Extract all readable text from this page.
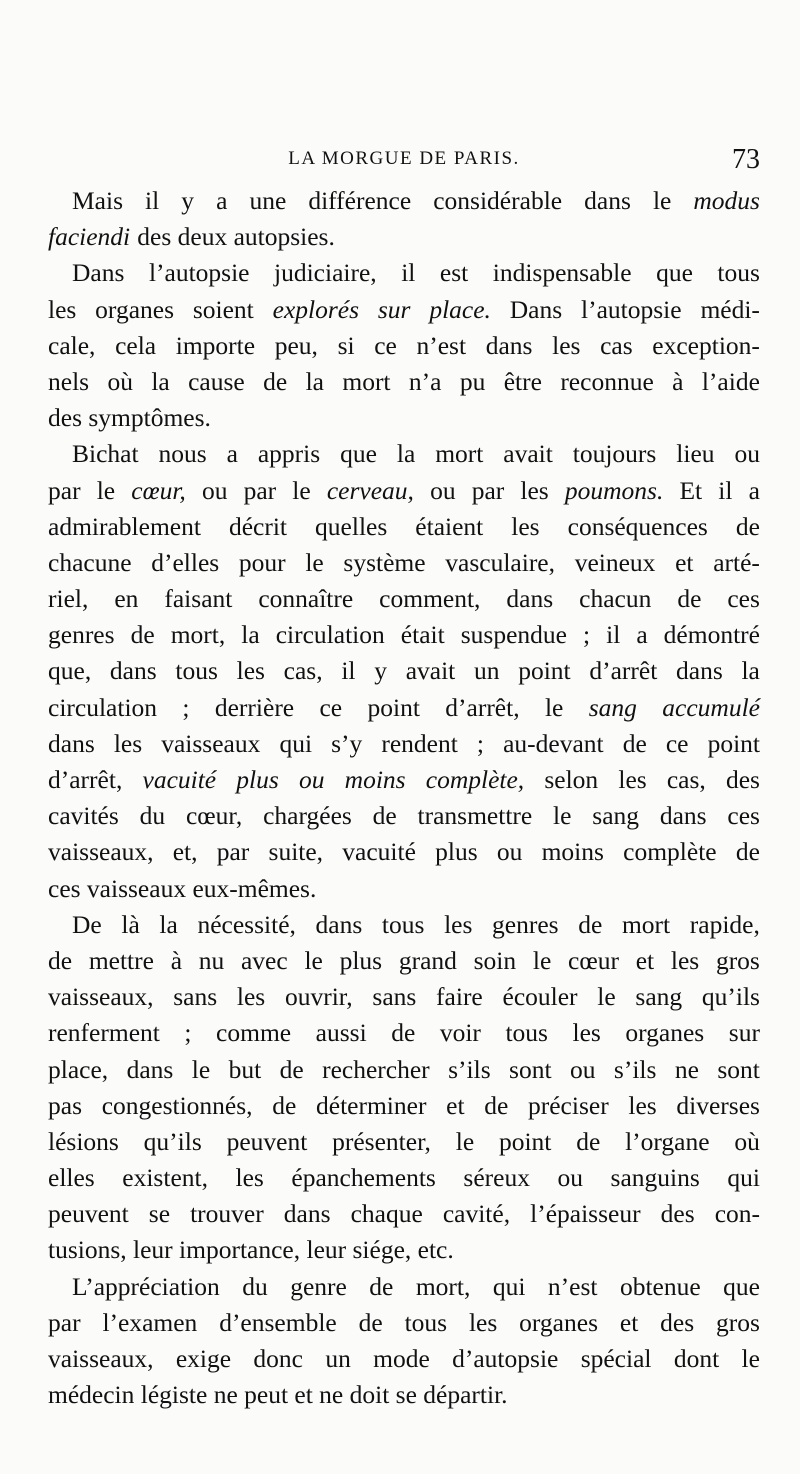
LA MORGUE DE PARIS.	73
Mais il y a une différence considérable dans le modus
faciendi des deux autopsies.
Dans l’autopsie judiciaire, il est indispensable que tous
les organes soient explorés sur place. Dans l’autopsie médi-
cale, cela importe peu, si ce n’est dans les cas exception-
nels où la cause de la mort n’a pu être reconnue à l’aide
des symptômes.
Bichat nous a appris que la mort avait toujours lieu ou
par le cœur, ou par le cerveau, ou par les poumons. Et il a
admirablement décrit quelles étaient les conséquences de
chacune d’elles pour le système vasculaire, veineux et arté-
riel, en faisant connaître comment, dans chacun de ces
genres de mort, la circulation était suspendue ; il a démontré
que, dans tous les cas, il y avait un point d’arrêt dans la
circulation ; derrière ce point d’arrêt, le sang accumulé
dans les vaisseaux qui s’y rendent ; au-devant de ce point
d’arrêt, vacuité plus ou moins complète, selon les cas, des
cavités du cœur, chargées de transmettre le sang dans ces
vaisseaux, et, par suite, vacuité plus ou moins complète de
ces vaisseaux eux-mêmes.
De là la nécessité, dans tous les genres de mort rapide,
de mettre à nu avec le plus grand soin le cœur et les gros
vaisseaux, sans les ouvrir, sans faire écouler le sang qu’ils
renferment ; comme aussi de voir tous les organes sur
place, dans le but de rechercher s’ils sont ou s’ils ne sont
pas congestionnés, de déterminer et de préciser les diverses
lésions qu’ils peuvent présenter, le point de l’organe où
elles existent, les épanchements séreux ou sanguins qui
peuvent se trouver dans chaque cavité, l’épaisseur des con-
tusions, leur importance, leur siége, etc.
L’appréciation du genre de mort, qui n’est obtenue que
par l’examen d’ensemble de tous les organes et des gros
vaisseaux, exige donc un mode d’autopsie spécial dont le
médecin légiste ne peut et ne doit se départir.
